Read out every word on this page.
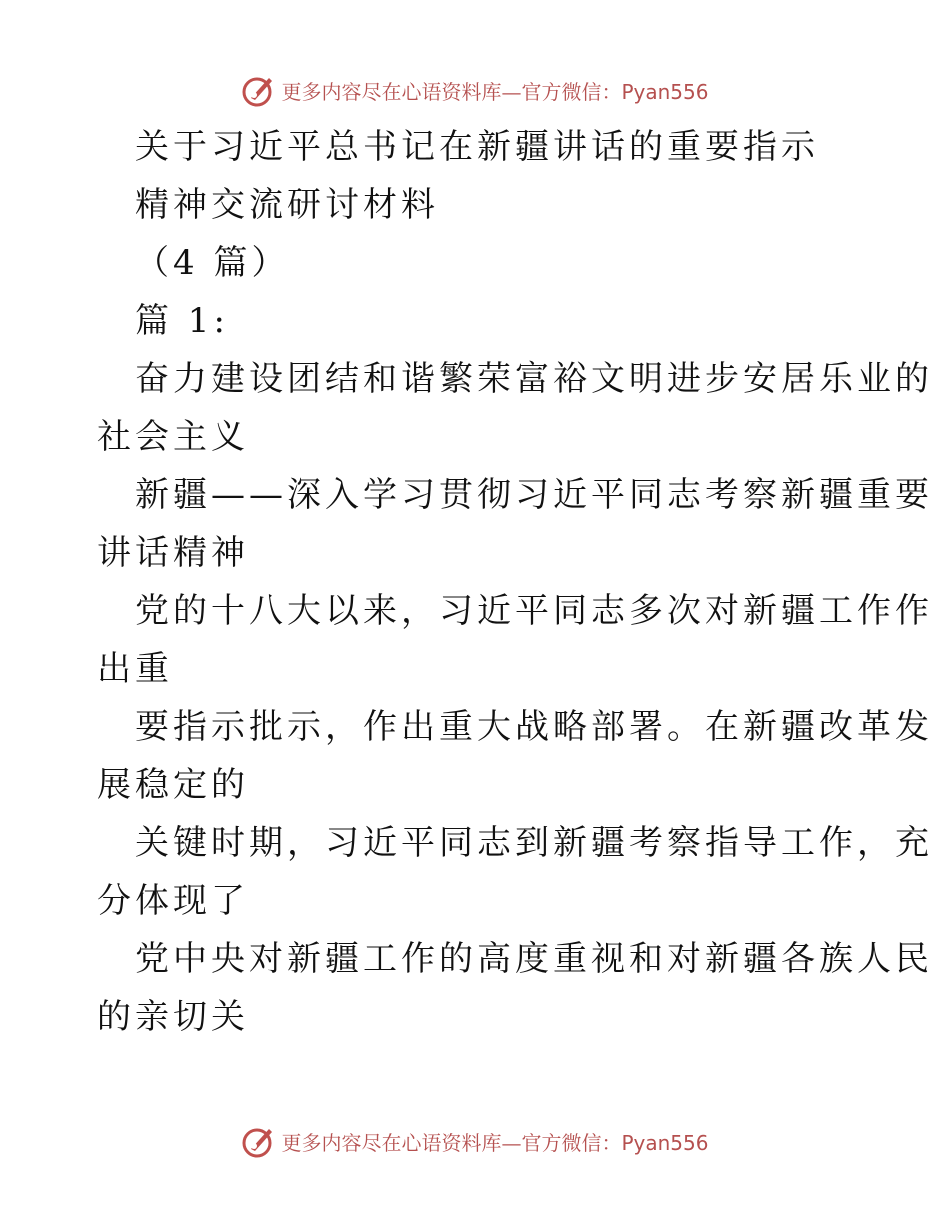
更多内容尽在心语资料库— 官方微信：Pyan556
关于习近平总书记在新疆讲话的重要指示
精神交流研讨材料
（4 篇）
篇 1:
奋力建设团结和谐繁荣富裕文明进步安居乐业的
社会主义
新疆——深入学习贯彻习近平同志考察新疆重要
讲话精神
党的十八大以来，习近平同志多次对新疆工作作
出重
要指示批示，作出重大战略部署。在新疆改革发
展稳定的
关键时期，习近平同志到新疆考察指导工作，充
分体现了
党中央对新疆工作的高度重视和对新疆各族人民
的亲切关
更多内容尽在心语资料库— 官方微信：Pyan556
